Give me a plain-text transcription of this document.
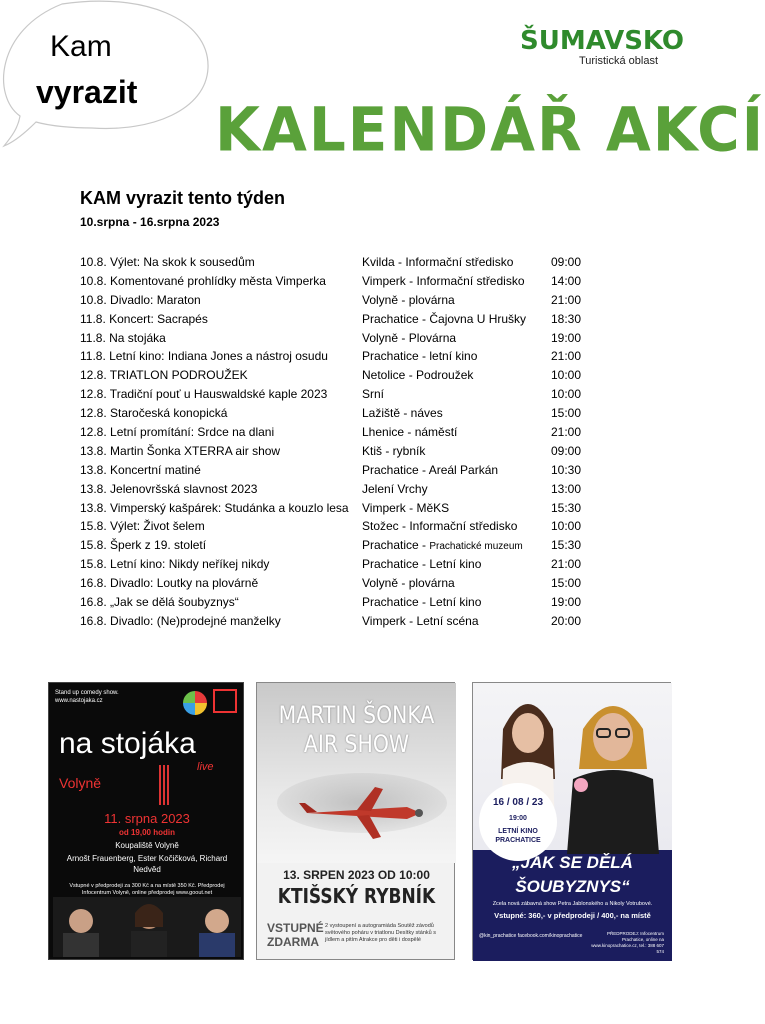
Kam
vyrazit
ŠUMAVSKO
Turistická oblast
KALENDÁŘ AKCÍ
KAM vyrazit tento týden
10.srpna - 16.srpna 2023
10.8. Výlet: Na skok k sousedům	Kvilda - Informační středisko	09:00
10.8. Komentované prohlídky města Vimperka	Vimperk - Informační středisko	14:00
10.8. Divadlo: Maraton	Volyně - plovárna	21:00
11.8. Koncert: Sacrapés	Prachatice - Čajovna U Hrušky	18:30
11.8. Na stojáka	Volyně - Plovárna	19:00
11.8. Letní kino: Indiana Jones a nástroj osudu	Prachatice - letní kino	21:00
12.8. TRIATLON PODROUŽEK	Netolice - Podroužek	10:00
12.8. Tradiční pouť u Hauswaldské kaple 2023	Srní	10:00
12.8. Staročeská konopická	Lažiště - náves	15:00
12.8. Letní promítání: Srdce na dlani	Lhenice - náměstí	21:00
13.8. Martin Šonka XTERRA air show	Ktiš - rybník	09:00
13.8. Koncertní matiné	Prachatice - Areál Parkán	10:30
13.8. Jelenovršská slavnost 2023	Jelení Vrchy	13:00
13.8. Vimperský kašpárek: Studánka a kouzlo lesa	Vimperk - MěKS	15:30
15.8. Výlet: Život šelem	Stožec - Informační středisko	10:00
15.8. Šperk z 19. století	Prachatice - Prachatické muzeum	15:30
15.8. Letní kino: Nikdy neříkej nikdy	Prachatice - Letní kino	21:00
16.8. Divadlo: Loutky na plovárně	Volyně - plovárna	15:00
16.8. „Jak se dělá šoubyznys“	Prachatice - Letní kino	19:00
16.8. Divadlo: (Ne)prodejné manželky	Vimperk - Letní scéna	20:00
Stand up comedy show. www.nastojaka.cz
na stojáka
live
Volyně
11. srpna 2023
od 19,00 hodin
Koupaliště Volyně
Arnošt Frauenberg, Ester Kočičková, Richard Nedvěd
Vstupné v předprodeji za 300 Kč a na místě 350 Kč. Předprodej Infocentrum Volyně, online předprodej www.goout.net
MARTIN ŠONKA AIR SHOW
13. SRPEN 2023 OD 10:00
KTIŠSKÝ RYBNÍK
VSTUPNÉ ZDARMA
2 vystoupení a autogramiáda Soutěž závodů světového poháru v triatlonu Desítky stánků s jídlem a pitím Atrakce pro děti i dospělé
16 / 08 / 23
19:00
LETNÍ KINO PRACHATICE
„JAK SE DĚLÁ ŠOUBYZNYS“
Zcela nová zábavná show Petra Jablonského a Nikoly Votrubové.
Vstupné: 360,- v předprodeji / 400,- na místě
@kin_prachatice facebook.com/kinoprachatice	PŘEDPRODEJ: Infocentrum Prachatice, online na www.kinoprachatice.cz, tel.: 388 607 574
